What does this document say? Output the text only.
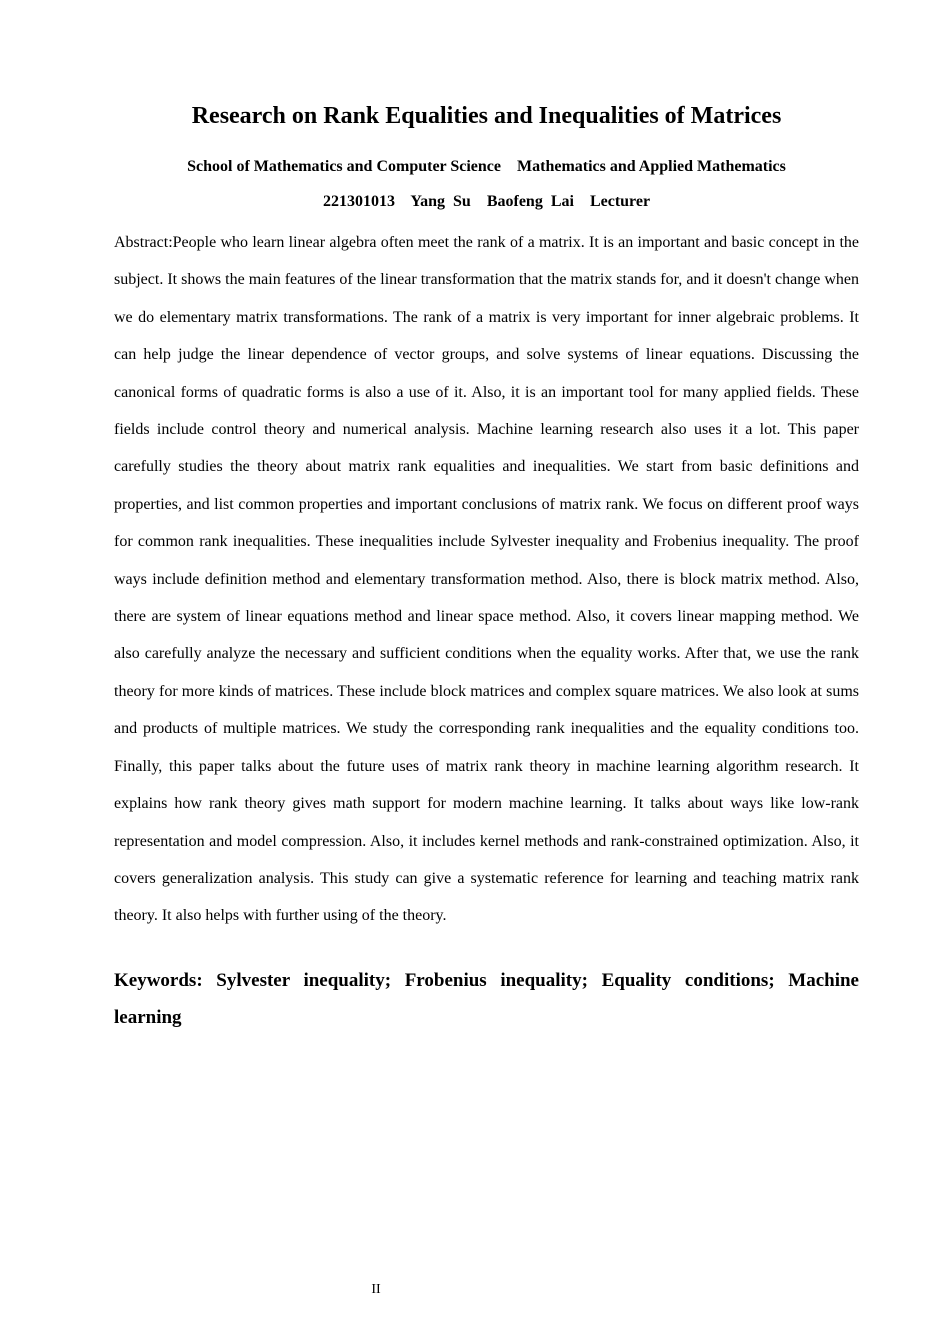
Research on Rank Equalities and Inequalities of Matrices
School of Mathematics and Computer Science    Mathematics and Applied Mathematics
221301013    Yang  Su    Baofeng  Lai    Lecturer

Abstract:People who learn linear algebra often meet the rank of a matrix. It is an important and basic concept in the subject. It shows the main features of the linear transformation that the matrix stands for, and it doesn't change when we do elementary matrix transformations. The rank of a matrix is very important for inner algebraic problems. It can help judge the linear dependence of vector groups, and solve systems of linear equations. Discussing the canonical forms of quadratic forms is also a use of it. Also, it is an important tool for many applied fields. These fields include control theory and numerical analysis. Machine learning research also uses it a lot. This paper carefully studies the theory about matrix rank equalities and inequalities. We start from basic definitions and properties, and list common properties and important conclusions of matrix rank. We focus on different proof ways for common rank inequalities. These inequalities include Sylvester inequality and Frobenius inequality. The proof ways include definition method and elementary transformation method. Also, there is block matrix method. Also, there are system of linear equations method and linear space method. Also, it covers linear mapping method. We also carefully analyze the necessary and sufficient conditions when the equality works. After that, we use the rank theory for more kinds of matrices. These include block matrices and complex square matrices. We also look at sums and products of multiple matrices. We study the corresponding rank inequalities and the equality conditions too. Finally, this paper talks about the future uses of matrix rank theory in machine learning algorithm research. It explains how rank theory gives math support for modern machine learning. It talks about ways like low-rank representation and model compression. Also, it includes kernel methods and rank-constrained optimization. Also, it covers generalization analysis. This study can give a systematic reference for learning and teaching matrix rank theory. It also helps with further using of the theory.

Keywords: Sylvester inequality; Frobenius inequality; Equality conditions; Machine learning

II
